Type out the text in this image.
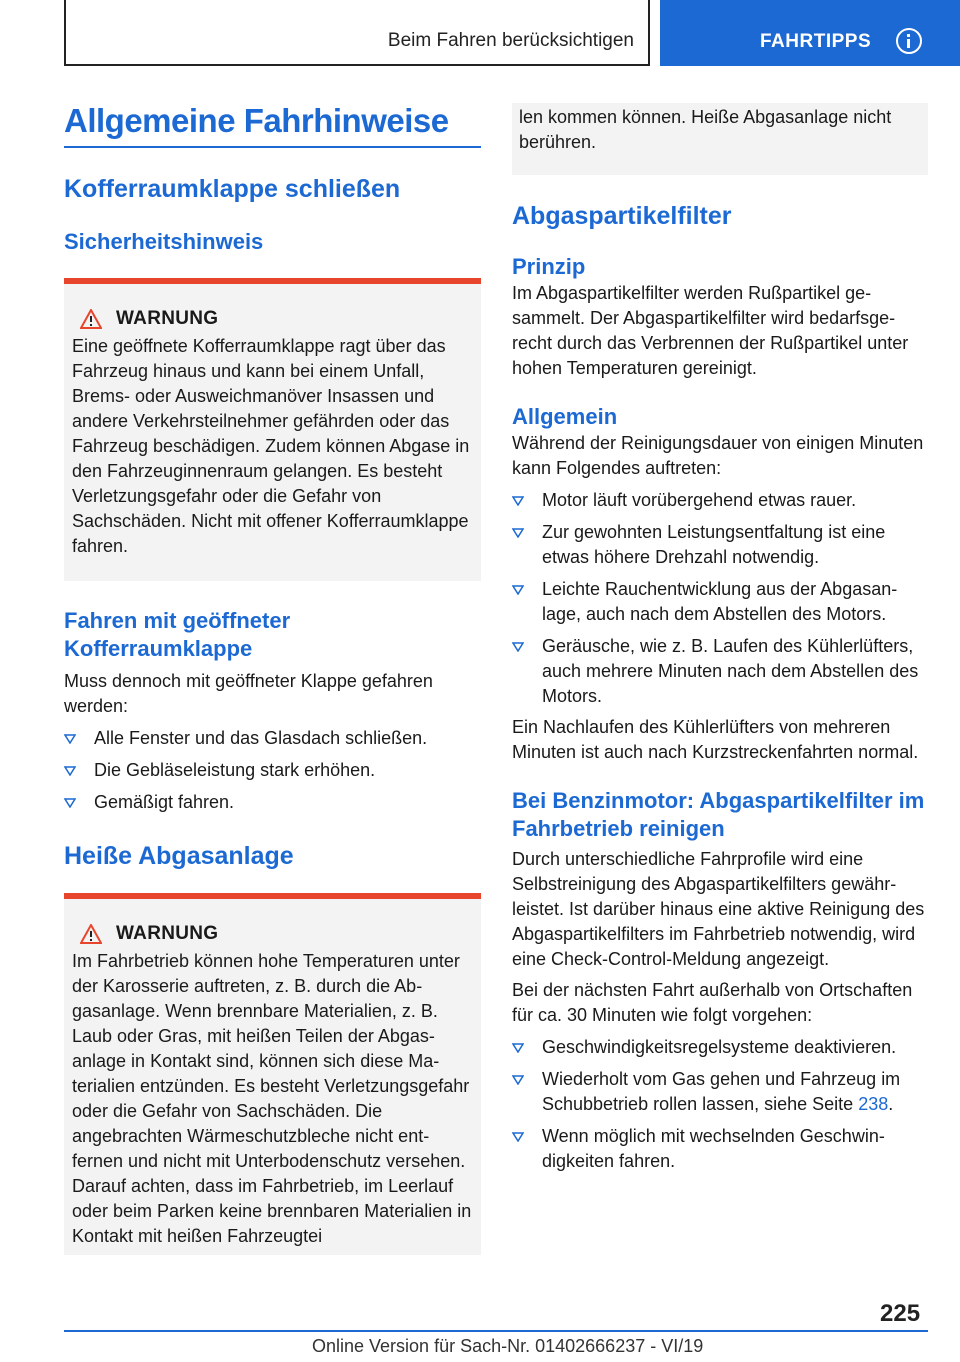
Beim Fahren berücksichtigen	FAHRTIPPS
Allgemeine Fahrhinweise
Kofferraumklappe schließen
Sicherheitshinweis
WARNUNG

Eine geöffnete Kofferraumklappe ragt über das Fahrzeug hinaus und kann bei einem Unfall, Brems- oder Ausweichmanöver Insassen und andere Verkehrsteilnehmer gefährden oder das Fahrzeug beschädigen. Zudem können Abgase in den Fahrzeuginnenraum gelangen. Es besteht Verletzungsgefahr oder die Gefahr von Sachschäden. Nicht mit offener Kofferraumklappe fahren.

Fahren mit geöffneter Kofferraumklappe

Muss dennoch mit geöffneter Klappe gefahren werden:

Alle Fenster und das Glasdach schließen.
Die Gebläseleistung stark erhöhen.
Gemäßigt fahren.
Heiße Abgasanlage
WARNUNG

Im Fahrbetrieb können hohe Temperaturen unter der Karosserie auftreten, z. B. durch die Abgasanlage. Wenn brennbare Materialien, z. B. Laub oder Gras, mit heißen Teilen der Abgasanlage in Kontakt sind, können sich diese Materialien entzünden. Es besteht Verletzungsgefahr oder die Gefahr von Sachschäden. Die angebrachten Wärmeschutzbleche nicht entfernen und nicht mit Unterbodenschutz versehen. Darauf achten, dass im Fahrbetrieb, im Leerlauf oder beim Parken keine brennbaren Materialien in Kontakt mit heißen Fahrzeugtei

len kommen können. Heiße Abgasanlage nicht berühren.

Abgaspartikelfilter
Prinzip

Im Abgaspartikelfilter werden Rußpartikel gesammelt. Der Abgaspartikelfilter wird bedarfsgerecht durch das Verbrennen der Rußpartikel unter hohen Temperaturen gereinigt.

Allgemein

Während der Reinigungsdauer von einigen Minuten kann Folgendes auftreten:

Motor läuft vorübergehend etwas rauer.
Zur gewohnten Leistungsentfaltung ist eine etwas höhere Drehzahl notwendig.
Leichte Rauchentwicklung aus der Abgasanlage, auch nach dem Abstellen des Motors.
Geräusche, wie z. B. Laufen des Kühlerlüfters, auch mehrere Minuten nach dem Abstellen des Motors.

Ein Nachlaufen des Kühlerlüfters von mehreren Minuten ist auch nach Kurzstreckenfahrten normal.

Bei Benzinmotor: Abgaspartikelfilter im Fahrbetrieb reinigen

Durch unterschiedliche Fahrprofile wird eine Selbstreinigung des Abgaspartikelfilters gewährleistet. Ist darüber hinaus eine aktive Reinigung des Abgaspartikelfilters im Fahrbetrieb notwendig, wird eine Check-Control-Meldung angezeigt.

Bei der nächsten Fahrt außerhalb von Ortschaften für ca. 30 Minuten wie folgt vorgehen:

Geschwindigkeitsregelsysteme deaktivieren.
Wiederholt vom Gas gehen und Fahrzeug im Schubbetrieb rollen lassen, siehe Seite 238.
Wenn möglich mit wechselnden Geschwindigkeiten fahren.
225
Online Version für Sach-Nr. 01402666237 - VI/19
